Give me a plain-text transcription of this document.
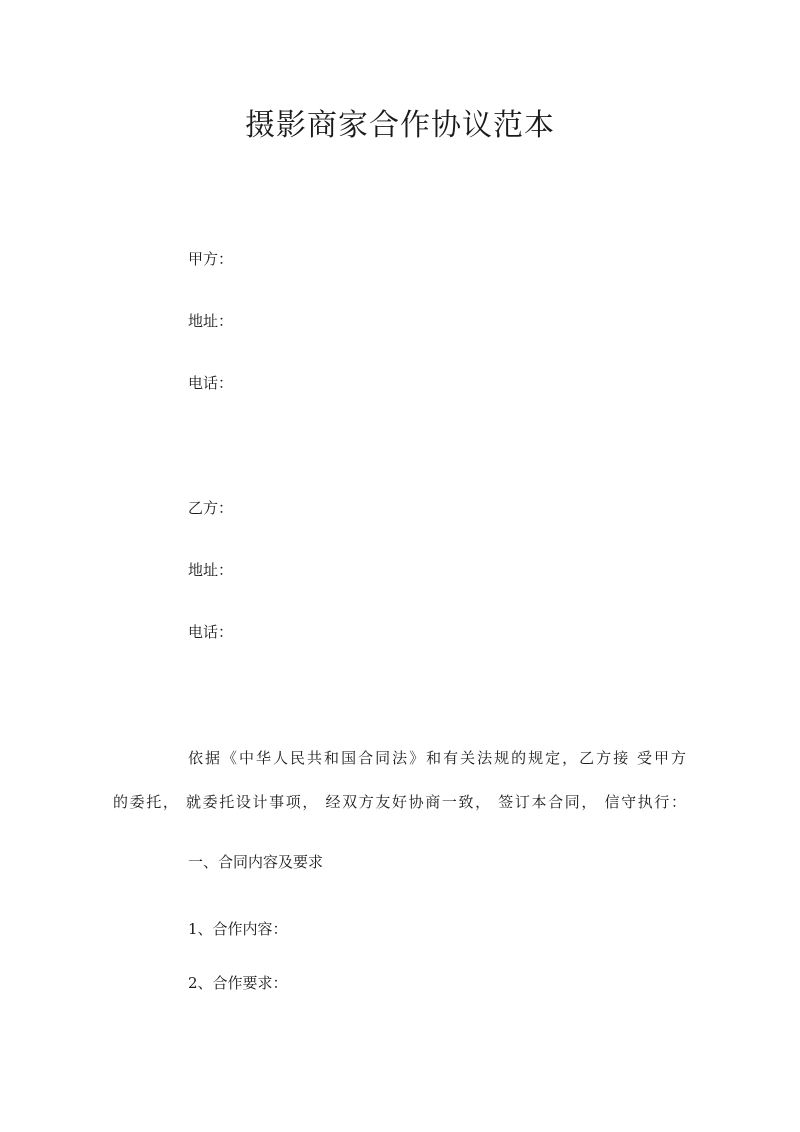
摄影商家合作协议范本
甲方：
地址：
电话：
乙方：
地址：
电话：
依据《中华人民共和国合同法》和有关法规的规定，乙方接 受甲方
的委托， 就委托设计事项， 经双方友好协商一致， 签订本合同， 信守执行：
一、合同内容及要求
1、合作内容：
2、合作要求：
